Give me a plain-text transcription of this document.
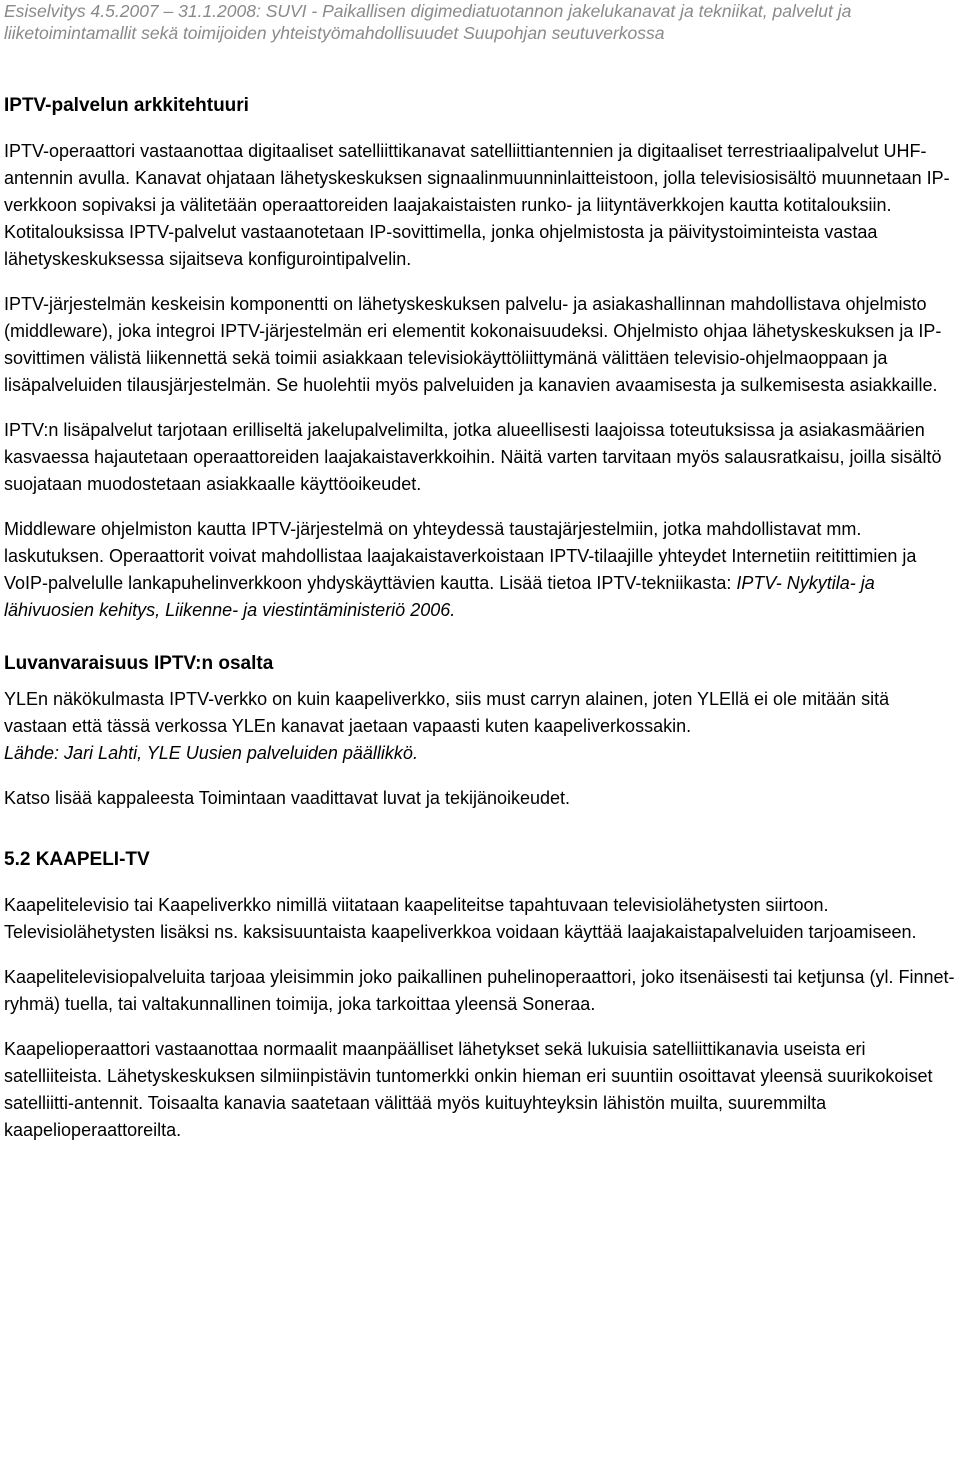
Esiselvitys 4.5.2007 – 31.1.2008: SUVI - Paikallisen digimediatuotannon jakelukanavat ja tekniikat, palvelut ja
liiketoimintamallit sekä toimijoiden yhteistyömahdollisuudet Suupohjan seutuverkossa
IPTV-palvelun arkkitehtuuri

IPTV-operaattori vastaanottaa digitaaliset satelliittikanavat satelliittiantennien ja digitaaliset terrestriaalipalvelut UHF- antennin avulla. Kanavat ohjataan lähetyskeskuksen signaalinmuunninlaitteistoon, jolla televisiosisältö muunnetaan IP-verkkoon sopivaksi ja välitetään operaattoreiden laajakaistaisten runko- ja liityntäverkkojen kautta kotitalouksiin. Kotitalouksissa IPTV-palvelut vastaanotetaan IP-sovittimella, jonka ohjelmistosta ja päivitystoiminteista vastaa lähetyskeskuksessa sijaitseva konfigurointipalvelin.

IPTV-järjestelmän keskeisin komponentti on lähetyskeskuksen palvelu- ja asiakashallinnan mahdollistava ohjelmisto (middleware), joka integroi IPTV-järjestelmän eri elementit kokonaisuudeksi. Ohjelmisto ohjaa lähetyskeskuksen ja IP-sovittimen välistä liikennettä sekä toimii asiakkaan televisiokäyttöliittymänä välittäen televisio-ohjelmaoppaan ja lisäpalveluiden tilausjärjestelmän. Se huolehtii myös palveluiden ja kanavien avaamisesta ja sulkemisesta asiakkaille.

IPTV:n lisäpalvelut tarjotaan erilliseltä jakelupalvelimilta, jotka alueellisesti laajoissa toteutuksissa ja asiakasmäärien kasvaessa hajautetaan operaattoreiden laajakaistaverkkoihin. Näitä varten tarvitaan myös salausratkaisu, joilla sisältö suojataan muodostetaan asiakkaalle käyttöoikeudet.

Middleware ohjelmiston kautta IPTV-järjestelmä on yhteydessä taustajärjestelmiin, jotka mahdollistavat mm. laskutuksen. Operaattorit voivat mahdollistaa laajakaistaverkoistaan IPTV-tilaajille yhteydet Internetiin reitittimien ja VoIP-palvelulle lankapuhelinverkkoon yhdyskäyttävien kautta. Lisää tietoa IPTV-tekniikasta: IPTV- Nykytila- ja lähivuosien kehitys, Liikenne- ja viestintäministeriö 2006.

Luvanvaraisuus IPTV:n osalta

YLEn näkökulmasta IPTV-verkko on kuin kaapeliverkko, siis must carryn alainen, joten YLEllä ei ole mitään sitä vastaan että tässä verkossa YLEn kanavat jaetaan vapaasti kuten kaapeliverkossakin.

Lähde: Jari Lahti, YLE Uusien palveluiden päällikkö.

Katso lisää kappaleesta Toimintaan vaadittavat luvat ja tekijänoikeudet.

5.2 KAAPELI-TV

Kaapelitelevisio tai Kaapeliverkko nimillä viitataan kaapeliteitse tapahtuvaan televisiolähetysten siirtoon. Televisiolähetysten lisäksi ns. kaksisuuntaista kaapeliverkkoa voidaan käyttää laajakaistapalveluiden tarjoamiseen.

Kaapelitelevisiopalveluita tarjoaa yleisimmin joko paikallinen puhelinoperaattori, joko itsenäisesti tai ketjunsa (yl. Finnet-ryhmä) tuella, tai valtakunnallinen toimija, joka tarkoittaa yleensä Soneraa.

Kaapelioperaattori vastaanottaa normaalit maanpäälliset lähetykset sekä lukuisia satelliittikanavia useista eri satelliiteista. Lähetyskeskuksen silmiinpistävin tuntomerkki onkin hieman eri suuntiin osoittavat yleensä suurikokoiset satelliitti-antennit. Toisaalta kanavia saatetaan välittää myös kuituyhteyksin lähistön muilta, suuremmilta kaapelioperaattoreilta.
